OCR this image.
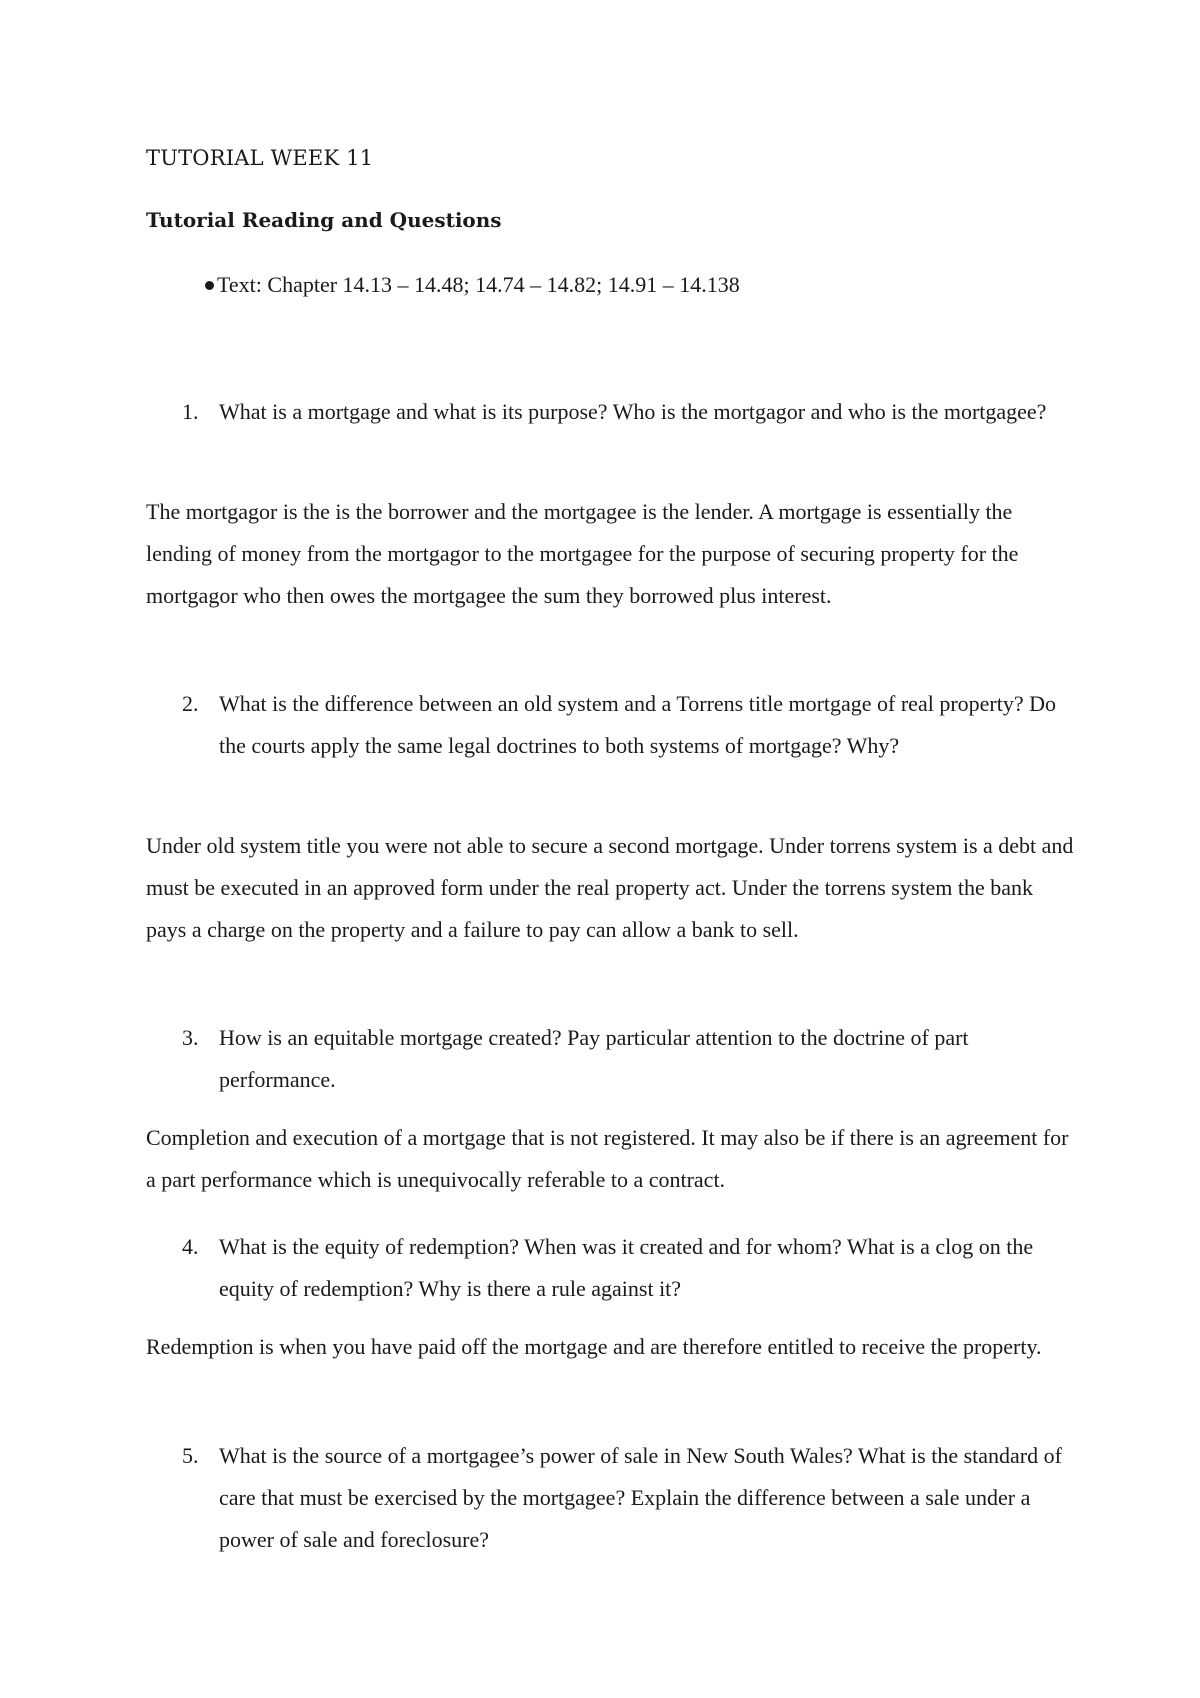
TUTORIAL WEEK 11
Tutorial Reading and Questions
Text: Chapter 14.13 – 14.48; 14.74 – 14.82; 14.91 – 14.138
1. What is a mortgage and what is its purpose? Who is the mortgagor and who is the mortgagee?
The mortgagor is the is the borrower and the mortgagee is the lender. A mortgage is essentially the lending of money from the mortgagor to the mortgagee for the purpose of securing property for the mortgagor who then owes the mortgagee the sum they borrowed plus interest.
2. What is the difference between an old system and a Torrens title mortgage of real property? Do the courts apply the same legal doctrines to both systems of mortgage? Why?
Under old system title you were not able to secure a second mortgage. Under torrens system is a debt and must be executed in an approved form under the real property act. Under the torrens system the bank pays a charge on the property and a failure to pay can allow a bank to sell.
3. How is an equitable mortgage created? Pay particular attention to the doctrine of part performance.
Completion and execution of a mortgage that is not registered. It may also be if there is an agreement for a part performance which is unequivocally referable to a contract.
4. What is the equity of redemption? When was it created and for whom? What is a clog on the equity of redemption? Why is there a rule against it?
Redemption is when you have paid off the mortgage and are therefore entitled to receive the property.
5. What is the source of a mortgagee’s power of sale in New South Wales? What is the standard of care that must be exercised by the mortgagee? Explain the difference between a sale under a power of sale and foreclosure?
